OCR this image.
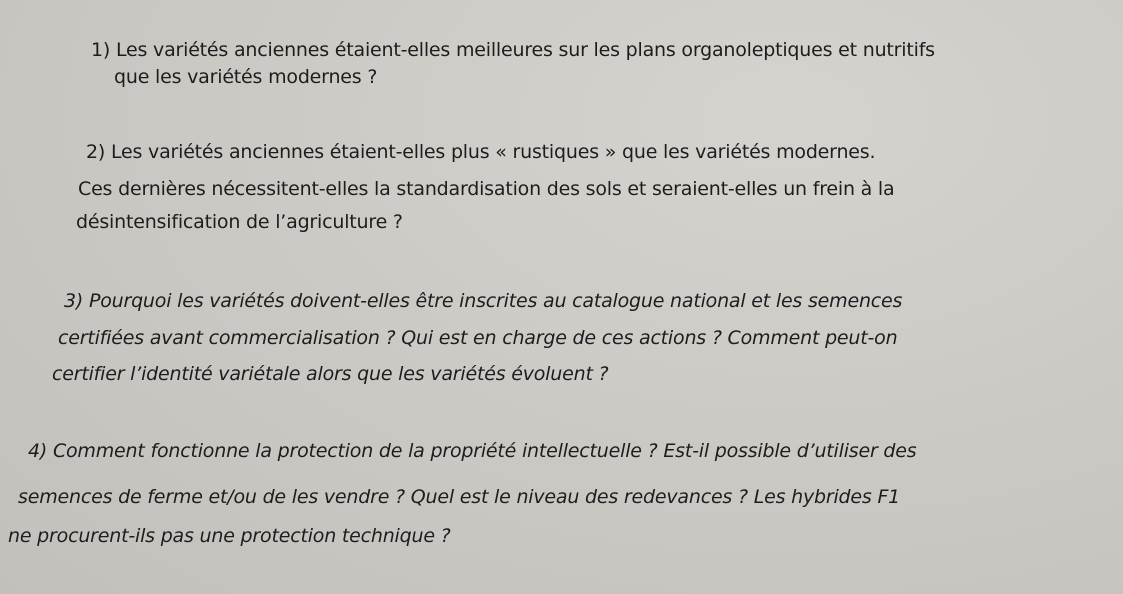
1) Les variétés anciennes étaient-elles meilleures sur les plans organoleptiques et nutritifs
que les variétés modernes ?
2) Les variétés anciennes étaient-elles plus « rustiques » que les variétés modernes.
Ces dernières nécessitent-elles la standardisation des sols et seraient-elles un frein à la
désintensification de l’agriculture ?
3) Pourquoi les variétés doivent-elles être inscrites au catalogue national et les semences
certifiées avant commercialisation ? Qui est en charge de ces actions ? Comment peut-on
certifier l’identité variétale alors que les variétés évoluent ?
4) Comment fonctionne la protection de la propriété intellectuelle ? Est-il possible d’utiliser des
semences de ferme et/ou de les vendre ? Quel est le niveau des redevances ? Les hybrides F1
ne procurent-ils pas une protection technique ?
